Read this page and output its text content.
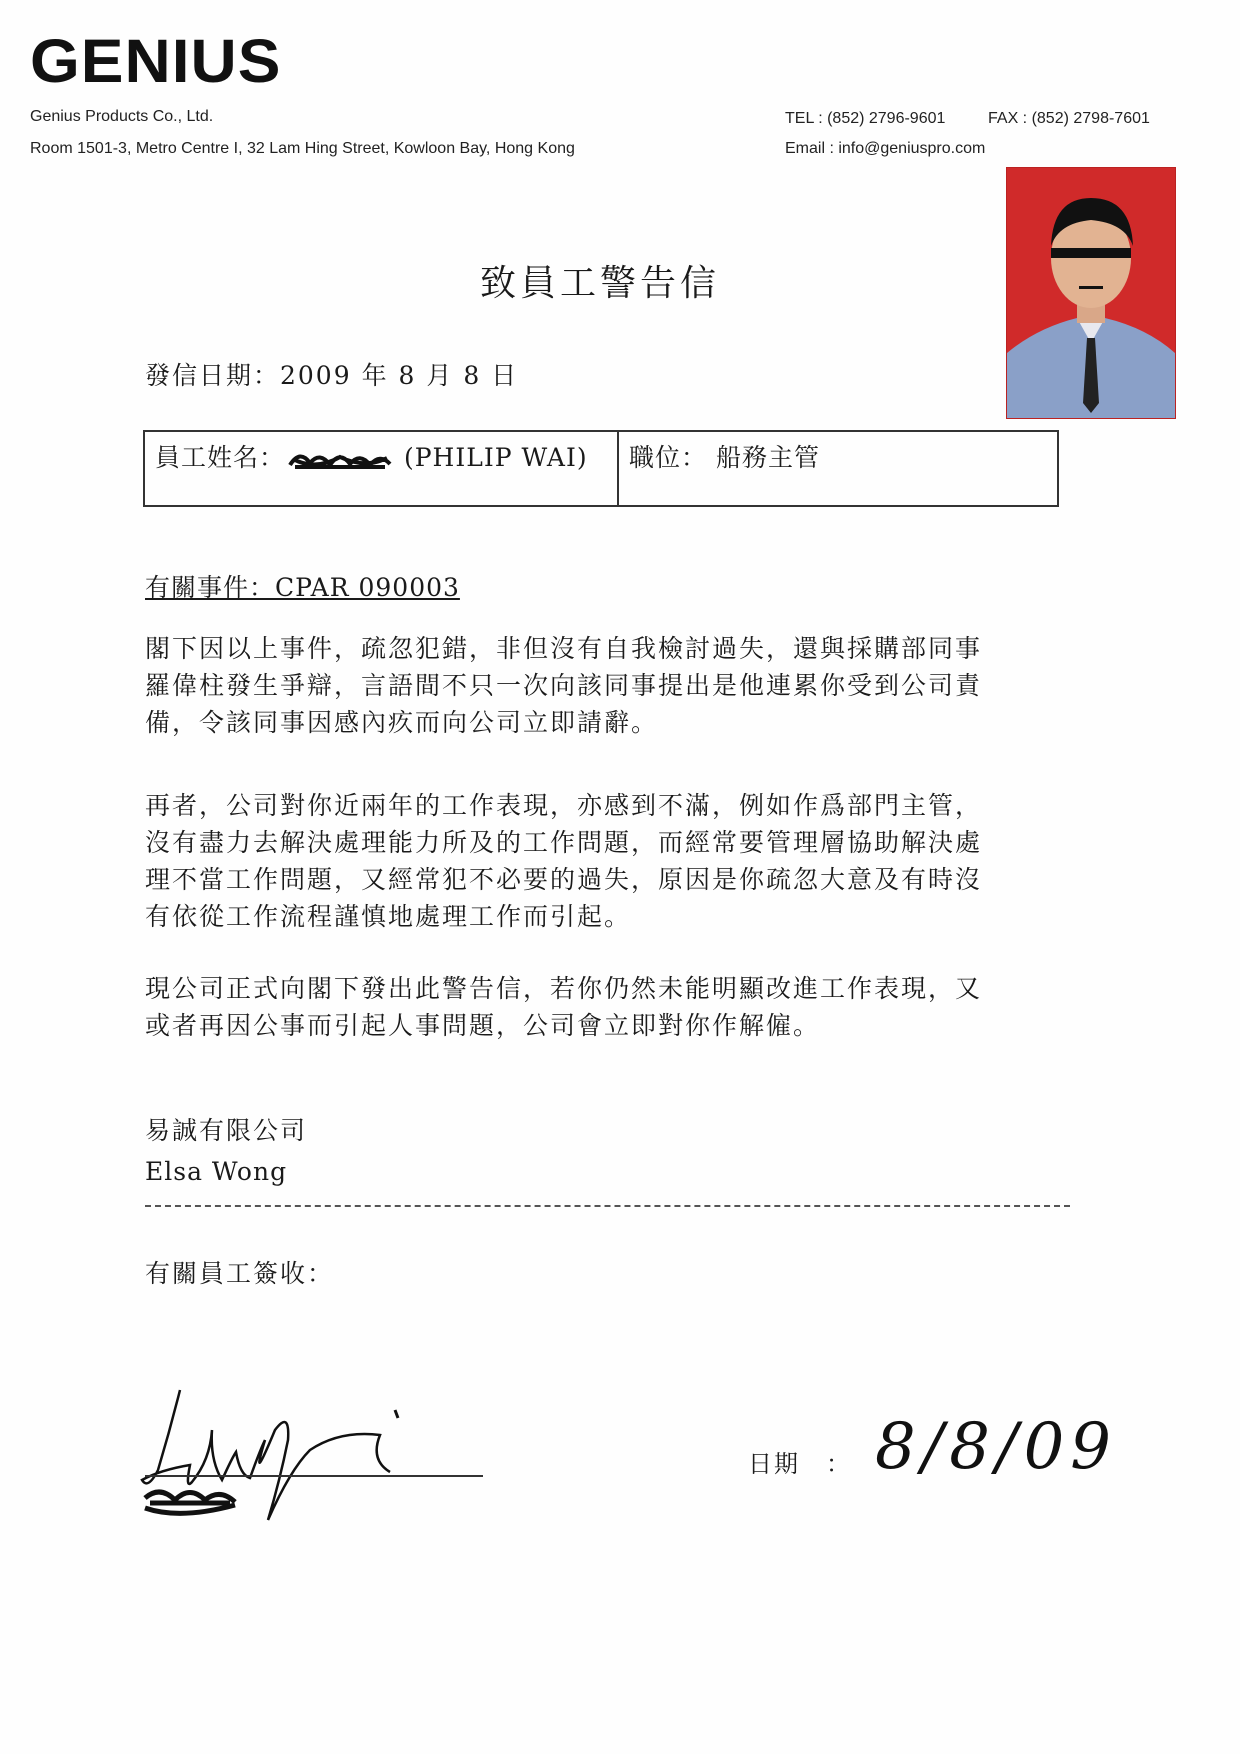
GENIUS
Genius Products Co., Ltd.
Room 1501-3, Metro Centre I, 32 Lam Hing Street, Kowloon Bay, Hong Kong
TEL : (852) 2796-9601	FAX : (852) 2798-7601
Email : info@geniuspro.com
致員工警告信
發信日期：2009 年 8 月 8 日
員工姓名：	(PHILIP WAI)	職位： 船務主管
有關事件：CPAR 090003
閣下因以上事件，疏忽犯錯，非但沒有自我檢討過失，還與採購部同事
羅偉柱發生爭辯，言語間不只一次向該同事提出是他連累你受到公司責
備，令該同事因感內疚而向公司立即請辭。
再者，公司對你近兩年的工作表現，亦感到不滿，例如作爲部門主管，
沒有盡力去解決處理能力所及的工作問題，而經常要管理層協助解決處
理不當工作問題，又經常犯不必要的過失，原因是你疏忽大意及有時沒
有依從工作流程謹慎地處理工作而引起。
現公司正式向閣下發出此警告信，若你仍然未能明顯改進工作表現，又
或者再因公事而引起人事問題，公司會立即對你作解僱。
易誠有限公司
Elsa Wong
有關員工簽收：
日期　： 8/8/09
